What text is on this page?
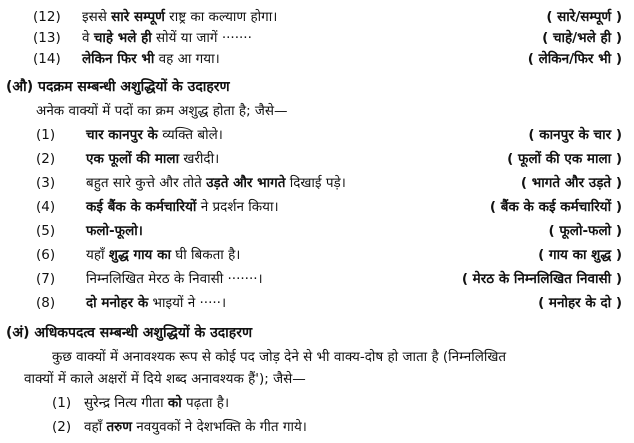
(12) इससे सारे सम्पूर्ण राष्ट्र का कल्याण होगा।	( सारे/सम्पूर्ण )
(13) वे चाहे भले ही सोयें या जागें ·······	( चाहे/भले ही )
(14) लेकिन फिर भी वह आ गया।	( लेकिन/फिर भी )
(औ) पदक्रम सम्बन्धी अशुद्धियों के उदाहरण
अनेक वाक्यों में पदों का क्रम अशुद्ध होता है; जैसे—
(1) चार कानपुर के व्यक्ति बोले।	( कानपुर के चार )
(2) एक फूलों की माला खरीदी।	( फूलों की एक माला )
(3) बहुत सारे कुत्ते और तोते उड़ते और भागते दिखाई पड़े।	( भागते और उड़ते )
(4) कई बैंक के कर्मचारियों ने प्रदर्शन किया।	( बैंक के कई कर्मचारियों )
(5) फलो-फूलो।	( फूलो-फलो )
(6) यहाँ शुद्ध गाय का घी बिकता है।	( गाय का शुद्ध )
(7) निम्नलिखित मेरठ के निवासी ·······।	( मेरठ के निम्नलिखित निवासी )
(8) दो मनोहर के भाइयों ने ·····।	( मनोहर के दो )
(अं) अधिकपदत्व सम्बन्धी अशुद्धियों के उदाहरण
कुछ वाक्यों में अनावश्यक रूप से कोई पद जोड़ देने से भी वाक्य-दोष हो जाता है (निम्नलिखित
वाक्यों में काले अक्षरों में दिये शब्द अनावश्यक हैं'); जैसे—
(1) सुरेन्द्र नित्य गीता को पढ़ता है।
(2) वहाँ तरुण नवयुवकों ने देशभक्ति के गीत गाये।
